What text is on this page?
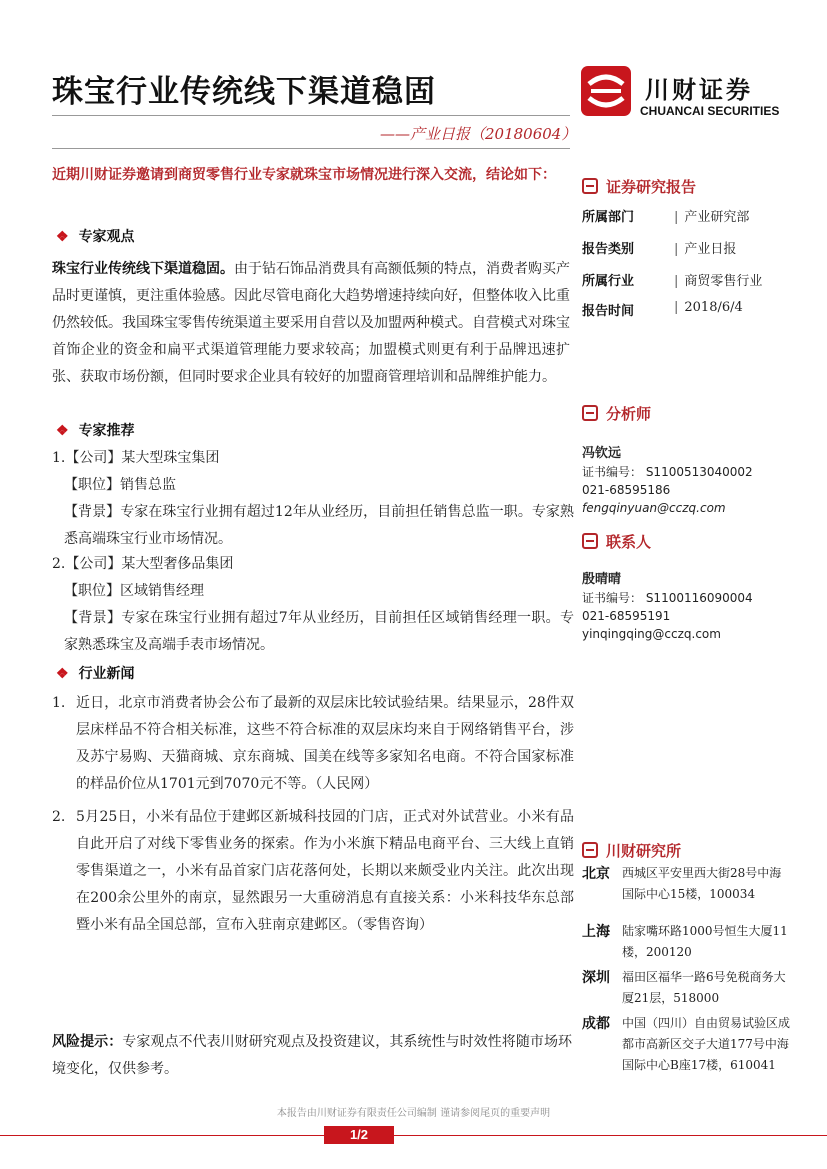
珠宝行业传统线下渠道稳固
——产业日报（20180604）
川财证券
CHUANCAI SECURITIES
近期川财证券邀请到商贸零售行业专家就珠宝市场情况进行深入交流，结论如下：
❖ 专家观点
珠宝行业传统线下渠道稳固。由于钻石饰品消费具有高额低频的特点，消费者购买产品时更谨慎，更注重体验感。因此尽管电商化大趋势增速持续向好，但整体收入比重仍然较低。我国珠宝零售传统渠道主要采用自营以及加盟两种模式。自营模式对珠宝首饰企业的资金和扁平式渠道管理能力要求较高；加盟模式则更有利于品牌迅速扩张、获取市场份额，但同时要求企业具有较好的加盟商管理培训和品牌维护能力。
❖ 专家推荐
1.【公司】某大型珠宝集团
【职位】销售总监
【背景】专家在珠宝行业拥有超过12年从业经历，目前担任销售总监一职。专家熟悉高端珠宝行业市场情况。
2.【公司】某大型奢侈品集团
【职位】区域销售经理
【背景】专家在珠宝行业拥有超过7年从业经历，目前担任区域销售经理一职。专家熟悉珠宝及高端手表市场情况。
❖ 行业新闻
1. 近日，北京市消费者协会公布了最新的双层床比较试验结果。结果显示，28件双层床样品不符合相关标准，这些不符合标准的双层床均来自于网络销售平台，涉及苏宁易购、天猫商城、京东商城、国美在线等多家知名电商。不符合国家标准的样品价位从1701元到7070元不等。（人民网）
2. 5月25日，小米有品位于建邺区新城科技园的门店，正式对外试营业。小米有品自此开启了对线下零售业务的探索。作为小米旗下精品电商平台、三大线上直销零售渠道之一，小米有品首家门店花落何处，长期以来颇受业内关注。此次出现在200余公里外的南京，显然跟另一大重磅消息有直接关系：小米科技华东总部暨小米有品全国总部，宣布入驻南京建邺区。（零售咨询）
风险提示：专家观点不代表川财研究观点及投资建议，其系统性与时效性将随市场环境变化，仅供参考。
证券研究报告
所属部门	| 产业研究部
报告类别	| 产业日报
所属行业	| 商贸零售行业
报告时间	| 2018/6/4
分析师
冯钦远
证书编号： S1100513040002
021-68595186
fengqinyuan@cczq.com
联系人
殷晴晴
证书编号： S1100116090004
021-68595191
yinqingqing@cczq.com
川财研究所
北京 西城区平安里西大街28号中海国际中心15楼，100034
上海 陆家嘴环路1000号恒生大厦11楼，200120
深圳 福田区福华一路6号免税商务大厦21层，518000
成都 中国（四川）自由贸易试验区成都市高新区交子大道177号中海国际中心B座17楼，610041
本报告由川财证券有限责任公司编制 谨请参阅尾页的重要声明
1/2
